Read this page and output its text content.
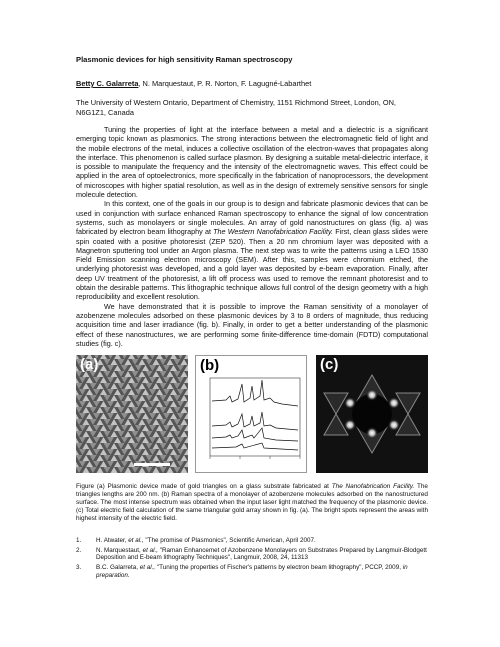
Plasmonic devices for high sensitivity Raman spectroscopy
Betty C. Galarreta, N. Marquestaut, P. R. Norton, F. Lagugné-Labarthet
The University of Western Ontario, Department of Chemistry, 1151 Richmond Street, London, ON, N6G1Z1, Canada

Tuning the properties of light at the interface between a metal and a dielectric is a significant emerging topic known as plasmonics. The strong interactions between the electromagnetic field of light and the mobile electrons of the metal, induces a collective oscillation of the electron-waves that propagates along the interface. This phenomenon is called surface plasmon. By designing a suitable metal-dielectric interface, it is possible to manipulate the frequency and the intensity of the electromagnetic waves. This effect could be applied in the area of optoelectronics, more specifically in the fabrication of nanoprocessors, the development of microscopes with higher spatial resolution, as well as in the design of extremely sensitive sensors for single molecule detection.

In this context, one of the goals in our group is to design and fabricate plasmonic devices that can be used in conjunction with surface enhanced Raman spectroscopy to enhance the signal of low concentration systems, such as monolayers or single molecules. An array of gold nanostructures on glass (fig. a) was fabricated by electron beam lithography at The Western Nanofabrication Facility. First, clean glass slides were spin coated with a positive photoresist (ZEP 520). Then a 20 nm chromium layer was deposited with a Magnetron sputtering tool under an Argon plasma. The next step was to write the patterns using a LEO 1530 Field Emission scanning electron microscopy (SEM). After this, samples were chromium etched, the underlying photoresist was developed, and a gold layer was deposited by e-beam evaporation. Finally, after deep UV treatment of the photoresist, a lift off process was used to remove the remnant photoresist and to obtain the desirable patterns. This lithographic technique allows full control of the design geometry with a high reproducibility and excellent resolution.

We have demonstrated that it is possible to improve the Raman sensitivity of a monolayer of azobenzene molecules adsorbed on these plasmonic devices by 3 to 8 orders of magnitude, thus reducing acquisition time and laser irradiance (fig. b). Finally, in order to get a better understanding of the plasmonic effect of these nanostructures, we are performing some finite-difference time-domain (FDTD) computational studies (fig. c).

(a)	(b)	(c)
Figure (a) Plasmonic device made of gold triangles on a glass substrate fabricated at The Nanofabrication Facility. The triangles lengths are 200 nm. (b) Raman spectra of a monolayer of azobenzene molecules adsorbed on the nanostructured surface. The most intense spectrum was obtained when the input laser light matched the frequency of the plasmonic device. (c) Total electric field calculation of the same triangular gold array shown in fig. (a). The bright spots represent the areas with highest intensity of the electric field.
1. H. Atwater, et al., "The promise of Plasmonics", Scientific American, April 2007.
2. N. Marquestaut, et al., "Raman Enhancemet of Azobenzene Monolayers on Substrates Prepared by Langmuir-Blodgett Deposition and E-beam lithography Techniques", Langmuir, 2008, 24, 11313
3. B.C. Galarreta, et al., "Tuning the properties of Fischer's patterns by electron beam lithography", PCCP, 2009, in preparation.
